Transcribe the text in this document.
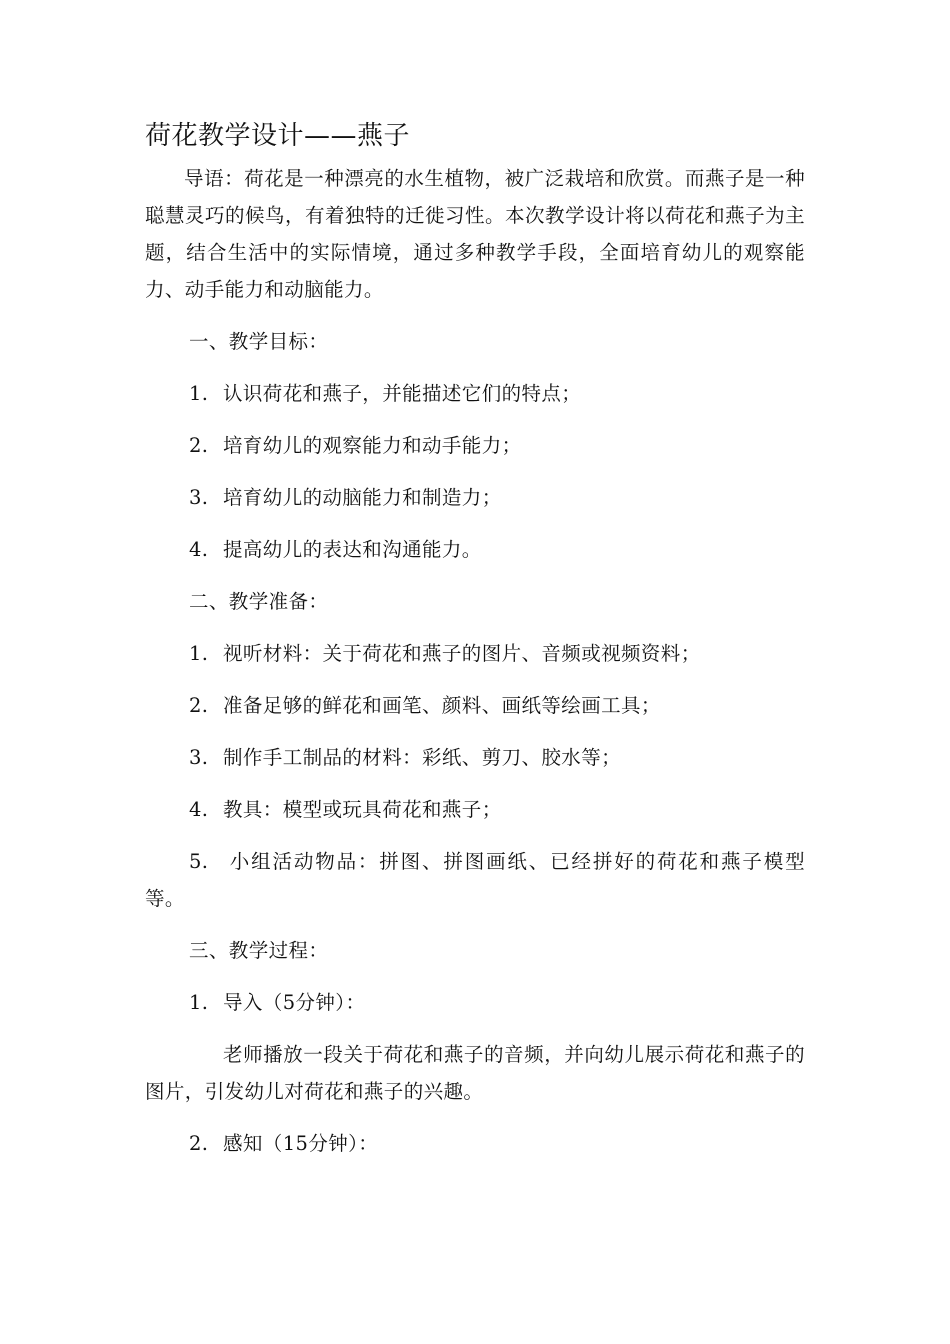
荷花教学设计——燕子

导语：荷花是一种漂亮的水生植物，被广泛栽培和欣赏。而燕子是一种聪慧灵巧的候鸟，有着独特的迁徙习性。本次教学设计将以荷花和燕子为主题，结合生活中的实际情境，通过多种教学手段，全面培育幼儿的观察能力、动手能力和动脑能力。

一、教学目标：

1. 认识荷花和燕子，并能描述它们的特点；

2. 培育幼儿的观察能力和动手能力；

3. 培育幼儿的动脑能力和制造力；

4. 提高幼儿的表达和沟通能力。

二、教学准备：

1. 视听材料：关于荷花和燕子的图片、音频或视频资料；

2. 准备足够的鲜花和画笔、颜料、画纸等绘画工具；

3. 制作手工制品的材料：彩纸、剪刀、胶水等；

4. 教具：模型或玩具荷花和燕子；

5.  小组活动物品：拼图、拼图画纸、已经拼好的荷花和燕子模型等。

三、教学过程：

1. 导入（5分钟）：

老师播放一段关于荷花和燕子的音频，并向幼儿展示荷花和燕子的图片，引发幼儿对荷花和燕子的兴趣。

2. 感知（15分钟）：
